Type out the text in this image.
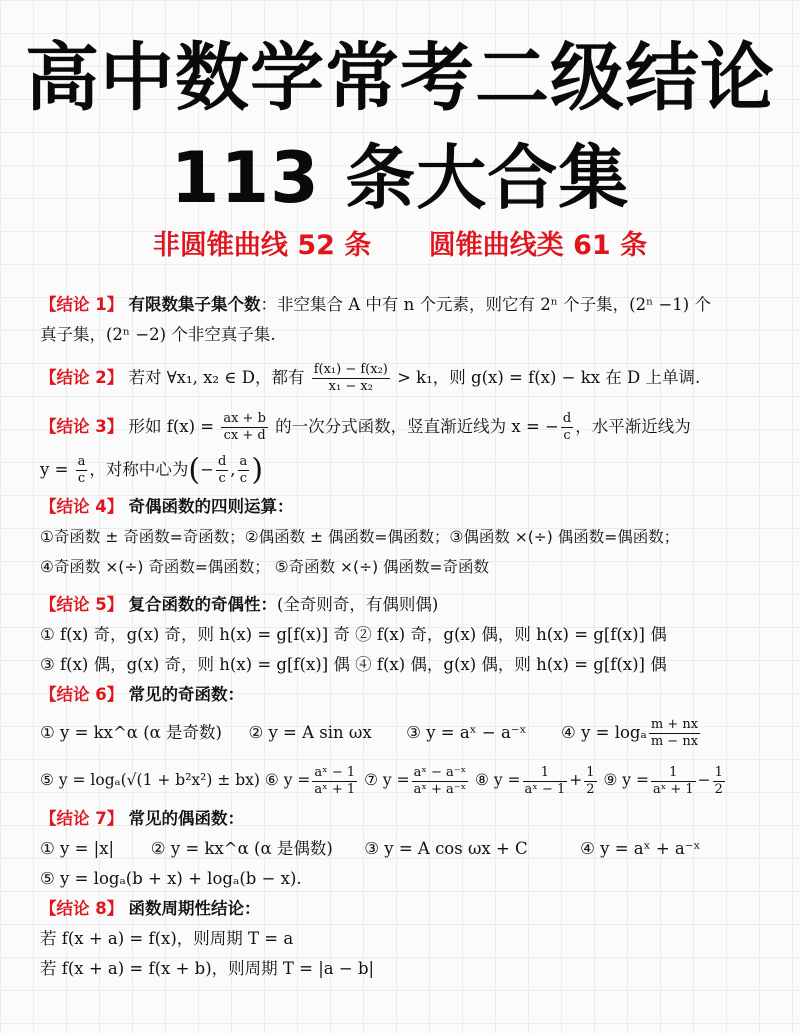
高中数学常考二级结论
113 条大合集
非圆锥曲线 52 条 圆锥曲线类 61 条
【结论 1】 有限数集子集个数：非空集合 A 中有 n 个元素，则它有 2ⁿ 个子集，(2ⁿ −1) 个
真子集，(2ⁿ −2) 个非空真子集.
【结论 2】 若对 ∀x₁, x₂ ∈ D，都有 $\frac{\text{f(x₁) − f(x₂)}}{\text{x₁ − x₂}} > k_1$，则 g(x) = f(x) − kx 在 D 上单调.
【结论 3】 形如 $f(x) = \frac{ax + b}{cx + d}$ 的一次分式函数，竖直渐近线为 x = − $\frac{d}{c}$ ，水平渐近线为
$y = \frac{a}{c}$ ，对称中心为(− $\frac{d}{c}$ , $\frac{a}{c}$ )
【结论 4】 奇偶函数的四则运算：
①奇函数 ± 奇函数=奇函数；②偶函数 ± 偶函数=偶函数；③偶函数 ×(÷) 偶函数=偶函数；
④奇函数 ×(÷) 奇函数=偶函数； ⑤奇函数 ×(÷) 偶函数=奇函数
【结论 5】 复合函数的奇偶性：(全奇则奇，有偶则偶)
① f(x) 奇，g(x) 奇，则 h(x) = g[f(x)] 奇 ② f(x) 奇，g(x) 偶，则 h(x) = g[f(x)] 偶
③ f(x) 偶，g(x) 奇，则 h(x) = g[f(x)] 偶 ④ f(x) 偶，g(x) 偶，则 h(x) = g[f(x)] 偶
【结论 6】 常见的奇函数：
① y = kx^α (α 是奇数) ② y = A sin ωx ③ y = aˣ − a⁻ˣ ④ y = logₐ $\frac{m + nx}{m - nx}$
⑤ y = logₐ(√(1 + b²x²) ± bx) ⑥ $y = \frac{\text{aˣ − 1}}{\text{aˣ + 1}}$ ⑦ $y = \frac{\text{aˣ − a⁻ˣ}}{\text{aˣ + a⁻ˣ}}$ ⑧ $y = \frac{1}{\text{aˣ − 1}} + \frac{1}{2}$ ⑨ $y = \frac{1}{\text{aˣ + 1}} - \frac{1}{2}$
【结论 7】 常见的偶函数：
① y = |x|       ② y = kx^α (α 是偶数)      ③ y = A cos ωx + C          ④ y = aˣ + a⁻ˣ
⑤ y = logₐ(b + x) + logₐ(b − x).
【结论 8】 函数周期性结论：
若 f(x + a) = f(x)，则周期 T = a
若 f(x + a) = f(x + b)，则周期 T = |a − b|
